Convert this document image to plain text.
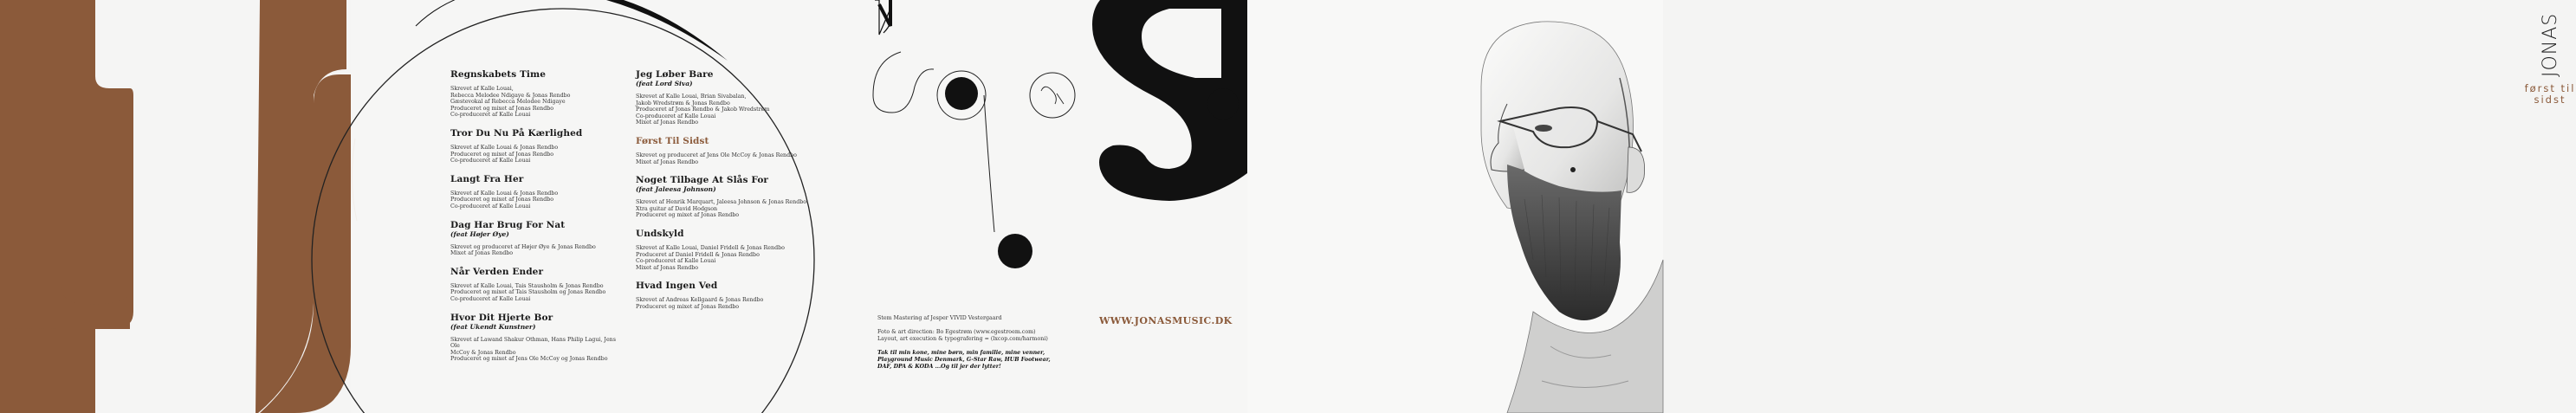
Regnskabets Time
Skrevet af Kalle Louai,
Rebecca Melodee Ndigaye & Jonas Rendbo
Gæstevokal af Rebecca Melodee Ndigaye
Produceret og mixet af Jonas Rendbo
Co-produceret af Kalle Louai
Tror Du Nu På Kærlighed
Skrevet af Kalle Louai & Jonas Rendbo
Produceret og mixet af Jonas Rendbo
Co-produceret af Kalle Louai
Langt Fra Her
Skrevet af Kalle Louai & Jonas Rendbo
Produceret og mixet af Jonas Rendbo
Co-produceret af Kalle Louai
Dag Har Brug For Nat
(feat Højer Øye)
Skrevet og produceret af Højer Øye & Jonas Rendbo
Mixet af Jonas Rendbo
Når Verden Ender
Skrevet af Kalle Louai, Tais Stausholm & Jonas Rendbo
Produceret og mixet af Tais Stausholm og Jonas Rendbo
Co-produceret af Kalle Louai
Hvor Dit Hjerte Bor
(feat Ukendt Kunstner)
Skrevet af Lawand Shakur Othman, Hans Philip Lagui, Jens Ole
McCoy & Jonas Rendbo
Produceret og mixet af Jens Ole McCoy og Jonas Rendbo
Jeg Løber Bare
(feat Lord Siva)
Skrevet af Kalle Louai, Brian Sivabalan,
Jakob Wredstrøm & Jonas Rendbo
Produceret af Jonas Rendbo & Jakob Wredstrøm
Co-produceret af Kalle Louai
Mixet af Jonas Rendbo
Først Til Sidst
Skrevet og produceret af Jens Ole McCoy & Jonas Rendbo
Mixet af Jonas Rendbo
Noget Tilbage At Slås For
(feat Jaleesa Johnson)
Skrevet af Henrik Marquart, Jaleesa Johnson & Jonas Rendbo
Xtra guitar af David Hodgson
Produceret og mixet af Jonas Rendbo
Undskyld
Skrevet af Kalle Louai, Daniel Fridell & Jonas Rendbo
Produceret af Daniel Fridell & Jonas Rendbo
Co-produceret af Kalle Louai
Mixet af Jonas Rendbo
Hvad Ingen Ved
Skrevet af Andreas Kellgaard & Jonas Rendbo
Produceret og mixet af Jonas Rendbo
Stem Mastering af Jesper VIVID Vestergaard
Foto & art direction: Bo Egestrøm (www.egestroem.com)
Layout, art execution & typografering = (lxcop.com/harmoni)
Tak til min kone, mine børn, min familie, mine venner,
Playground Music Denmark, G-Star Raw, HUB Footwear,
DAF, DPA & KODA ...Og til jer der lytter!
WWW.JONASMUSIC.DK
JONAS
først til
sidst
